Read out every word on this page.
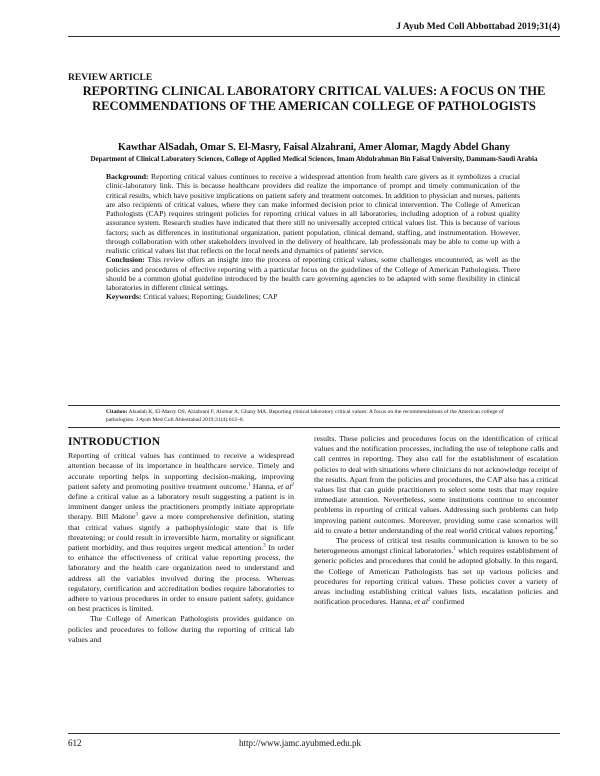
J Ayub Med Coll Abbottabad 2019;31(4)
REVIEW ARTICLE
REPORTING CLINICAL LABORATORY CRITICAL VALUES: A FOCUS ON THE RECOMMENDATIONS OF THE AMERICAN COLLEGE OF PATHOLOGISTS
Kawthar AlSadah, Omar S. El-Masry, Faisal Alzahrani, Amer Alomar, Magdy Abdel Ghany
Department of Clinical Laboratory Sciences, College of Applied Medical Sciences, Imam Abdulrahman Bin Faisal University, Dammam-Saudi Arabia

Background: Reporting critical values continues to receive a widespread attention from health care givers as it symbolizes a crucial clinic-laboratory link. This is because healthcare providers did realize the importance of prompt and timely communication of the critical results, which have positive implications on patient safety and treatment outcomes. In addition to physician and nurses, patients are also recipients of critical values, where they can make informed decision prior to clinical intervention. The College of American Pathologists (CAP) requires stringent policies for reporting critical values in all laboratories, including adoption of a robust quality assurance system. Research studies have indicated that there still no universally accepted critical values list. This is because of various factors; such as differences in institutional organization, patient population, clinical demand, staffing, and instrumentation. However, through collaboration with other stakeholders involved in the delivery of healthcare, lab professionals may be able to come up with a realistic critical values list that reflects on the local needs and dynamics of patients' service.

Conclusion: This review offers an insight into the process of reporting critical values, some challenges encountered, as well as the policies and procedures of effective reporting with a particular focus on the guidelines of the College of American Pathologists. There should be a common global guideline introduced by the health care governing agencies to be adapted with some flexibility in clinical laboratories in different clinical settings.

Keywords: Critical values; Reporting; Guidelines; CAP

Citation: Alsadah K, El-Masry OS, Alzahrani F, Alomar A, Ghany MA. Reporting clinical laboratory critical values: A focus on the recommendations of the American college of pathologists. J Ayub Med Coll Abbottabad 2019;31(4):612–8.

INTRODUCTION

Reporting of critical values has continued to receive a widespread attention because of its importance in healthcare service. Timely and accurate reporting helps in supporting decision-making, improving patient safety and promoting positive treatment outcome.$^1$ Hanna, et $al^2$ define a critical value as a laboratory result suggesting a patient is in imminent danger unless the practitioners promptly initiate appropriate therapy. Bill Malone$^3$ gave a more comprehensive definition, stating that critical values signify a pathophysiologic state that is life threatening; or could result in irreversible harm, mortality or significant patient morbidity, and thus requires urgent medical attention.$^3$ In order to enhance the effectiveness of critical value reporting process, the laboratory and the health care organization need to understand and address all the variables involved during the process. Whereas regulatory, certification and accreditation bodies require laboratories to adhere to various procedures in order to ensure patient safety, guidance on best practices is limited.

The College of American Pathologists provides guidance on policies and procedures to follow during the reporting of critical lab values and

results. These policies and procedures focus on the identification of critical values and the notification processes, including the use of telephone calls and call centres in reporting. They also call for the establishment of escalation policies to deal with situations where clinicians do not acknowledge receipt of the results. Apart from the policies and procedures, the CAP also has a critical values list that can guide practitioners to select some tests that may require immediate attention. Nevertheless, some institutions continue to encounter problems in reporting of critical values. Addressing such problems can help improving patient outcomes. Moreover, providing some case scenarios will aid to create a better understanding of the real world critical values reporting.$^4$

The process of critical test results communication is known to be so heterogeneous amongst clinical laboratories.$^1$ which requires establishment of generic policies and procedures that could be adopted globally. In this regard, the College of American Pathologists has set up various policies and procedures for reporting critical values. These policies cover a variety of areas including establishing critical values lists, escalation policies and notification procedures. Hanna, et $al^2$ confirmed

612	http://www.jamc.ayubmed.edu.pk
